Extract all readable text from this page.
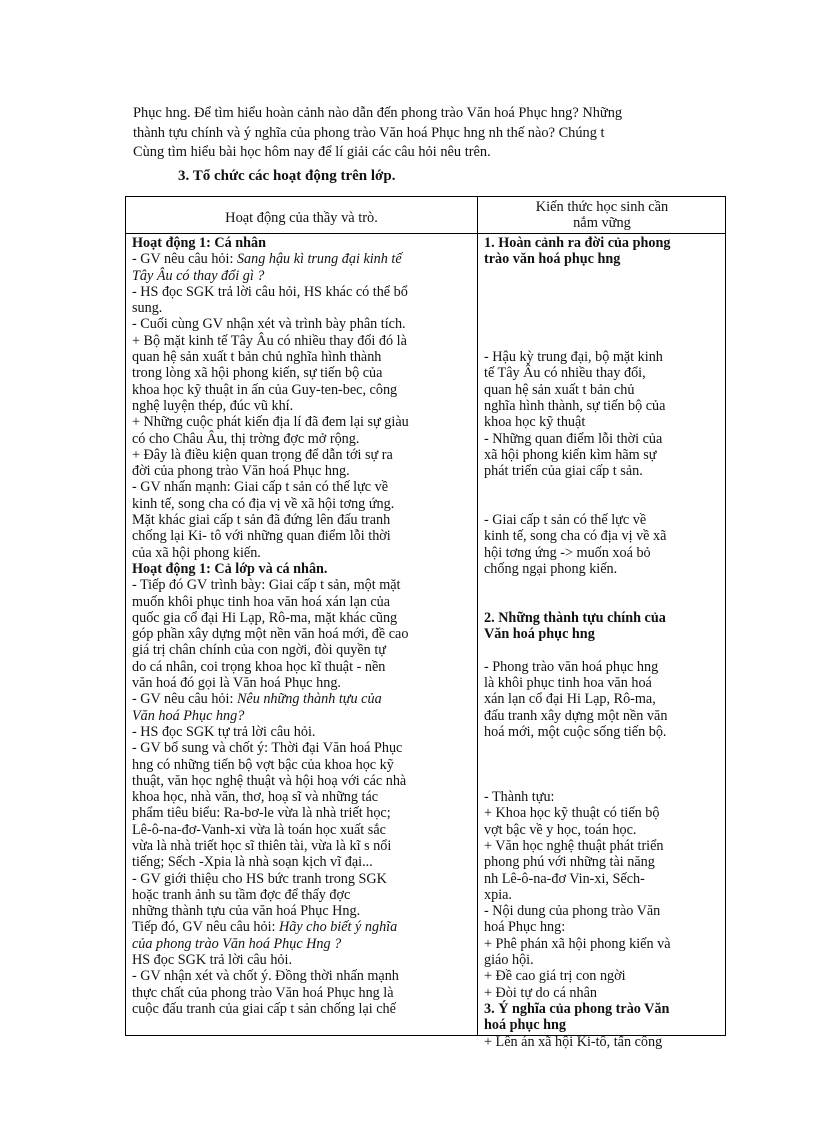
Phục hng. Để tìm hiểu hoàn cảnh nào dẫn đến phong trào Văn hoá Phục hng? Những

thành tựu chính và ý nghĩa của phong trào Văn hoá Phục hng nh thế nào? Chúng t

Cùng tìm hiểu bài học hôm nay để lí giải các câu hỏi nêu trên.

3. Tổ chức các hoạt động trên lớp.
Hoạt động của thầy và trò.
Kiến thức học sinh cần
nắm vững
Hoạt động 1: Cá nhân
- GV nêu câu hỏi: Sang hậu kì trung đại kinh tế
Tây Âu có thay đổi gì ?
- HS đọc SGK trả lời câu hỏi, HS khác có thể bổ
sung.
- Cuối cùng GV nhận xét và trình bày phân tích.
+ Bộ mặt kinh tế Tây Âu có nhiều thay đổi đó là
quan hệ sản xuất t bản chủ nghĩa hình thành
trong lòng xã hội phong kiến, sự tiến bộ của
khoa học kỹ thuật in ấn của Guy-ten-bec, công
nghệ luyện thép, đúc vũ khí.
+ Những cuộc phát kiến địa lí đã đem lại sự giàu
có cho Châu Âu, thị trờng đợc mở rộng.
+ Đây là điều kiện quan trọng để dẫn tới sự ra
đời của phong trào Văn hoá Phục hng.
- GV nhấn mạnh: Giai cấp t sản có thế lực về
kinh tế, song cha có địa vị về xã hội tơng ứng.
Mặt khác giai cấp t sản đã đứng lên đấu tranh
chống lại Ki- tô với những quan điểm lỗi thời
của xã hội phong kiến.
Hoạt động 1: Cả lớp và cá nhân.
- Tiếp đó GV trình bày: Giai cấp t sản, một mặt
muốn khôi phục tinh hoa văn hoá xán lạn của
quốc gia cổ đại Hi Lạp, Rô-ma, mặt khác cũng
góp phần xây dựng một nền văn hoá mới, đề cao
giá trị chân chính của con ngời, đòi quyền tự
do cá nhân, coi trọng khoa học kĩ thuật - nền
văn hoá đó gọi là Văn hoá Phục hng.
- GV nêu câu hỏi: Nêu những thành tựu của
Văn hoá Phục hng?
- HS đọc SGK tự trả lời câu hỏi.
- GV bổ sung và chốt ý: Thời đại Văn hoá Phục
hng có những tiến bộ vợt bậc của khoa học kỹ
thuật, văn học nghệ thuật và hội hoạ với các nhà
khoa học, nhà văn, thơ, hoạ sĩ và những tác
phẩm tiêu biểu: Ra-bơ-le vừa là nhà triết học;
Lê-ô-na-đơ-Vanh-xi vừa là toán học xuất sắc
vừa là nhà triết học sĩ thiên tài, vừa là kĩ s nổi
tiếng; Sếch -Xpia là nhà soạn kịch vĩ đại...
- GV giới thiệu cho HS bức tranh trong SGK
hoặc tranh ảnh su tầm đợc để thấy đợc
những thành tựu của văn hoá Phục Hng.
Tiếp đó, GV nêu câu hỏi: Hãy cho biết ý nghĩa
của phong trào Văn hoá Phục Hng ?
HS đọc SGK trả lời câu hỏi.
- GV nhận xét và chốt ý. Đồng thời nhấn mạnh
thực chất của phong trào Văn hoá Phục hng là
cuộc đấu tranh của giai cấp t sản chống lại chế
1. Hoàn cảnh ra đời của phong
trào văn hoá phục hng
- Hậu kỳ trung đại, bộ mặt kinh
tế Tây Âu có nhiều thay đổi,
quan hệ sản xuất t bản chủ
nghĩa hình thành, sự tiến bộ của
khoa học kỹ thuật
- Những quan điểm lỗi thời của
xã hội phong kiến kìm hãm sự
phát triển của giai cấp t sản.
- Giai cấp t sản có thế lực về
kinh tế, song cha có địa vị về xã
hội tơng ứng -> muốn xoá bỏ
chống ngại phong kiến.
2. Những thành tựu chính của
Văn hoá phục hng
- Phong trào văn hoá phục hng
là khôi phục tinh hoa văn hoá
xán lạn cổ đại Hi Lạp, Rô-ma,
đấu tranh xây dựng một nền văn
hoá mới, một cuộc sống tiến bộ.
- Thành tựu:
+ Khoa học kỹ thuật có tiến bộ
vợt bậc về y học, toán học.
+ Văn học nghệ thuật phát triển
phong phú với những tài năng
nh Lê-ô-na-đơ Vin-xi, Sếch-
xpia.
- Nội dung của phong trào Văn
hoá Phục hng:
+ Phê phán xã hội phong kiến và
giáo hội.
+ Đề cao giá trị con ngời
+ Đòi tự do cá nhân
3. Ý nghĩa của phong trào Văn
hoá phục hng
+ Lên án xã hội Ki-tô, tấn công
